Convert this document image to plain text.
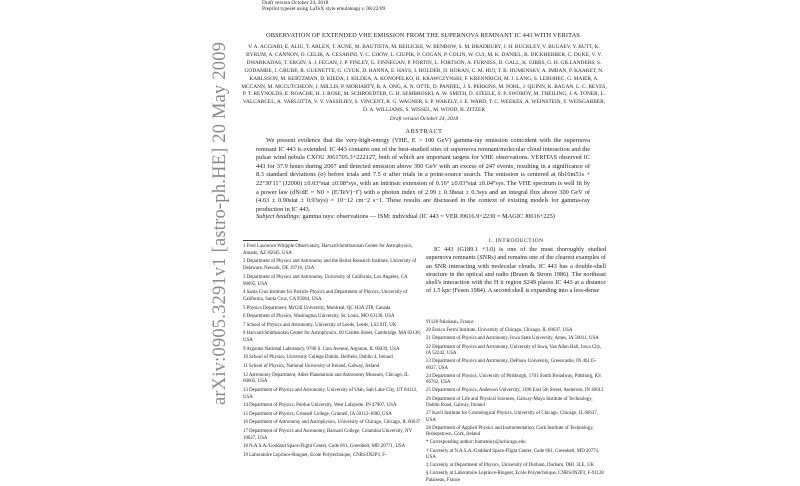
Draft version October 24, 2018
Preprint typeset using LaTeX style emulateapj v. 08/22/09
arXiv:0905.3291v1 [astro-ph.HE] 20 May 2009
OBSERVATION OF EXTENDED VHE EMISSION FROM THE SUPERNOVA REMNANT IC 443 WITH VERITAS
V. A. ACCIARI, E. ALIU, T. ARLEN, T. AUNE, M. BAUTISTA, M. BEILICKE, W. BENBOW, S. M. BRADBURY, J. H. BUCKLEY, V. BUGAEV, Y. BUTT, K. BYRUM, A. CANNON, O. CELIK, A. CESARINI, Y. C. CHOW, L. CIUPIK, P. COGAN, P. COLIN, W. CUI, M. K. DANIEL, R. DICKHERBER, C. DUKE, V. V. DWARKADAS, T. ERGIN, S. J. FEGAN, J. P. FINLEY, G. FINNEGAN, P. FORTIN, L. FORTSON, A. FURNISS, D. GALL, K. GIBBS, G. H. GILLANDERS, S. GODAMBE, J. GRUBE, R. GUENETTE, G. GYUK, D. HANNA, E. HAYS, J. HOLDER, D. HORAN, C. M. HUI, T. B. HUMENSKY, A. IMRAN, P. KAARET, N. KARLSSON, M. KERTZMAN, D. KIEDA, J. KILDEA, A. KONOPELKO, H. KRAWCZYNSKI, F. KRENNRICH, M. J. LANG, S. LEBOHEC, G. MAIER, A. MCCANN, M. MCCUTCHEON, J. MILLIS, P. MORIARTY, R. A. ONG, A. N. OTTE, D. PANDEL, J. S. PERKINS, M. POHL, J. QUINN, K. RAGAN, L. C. REYES, P. T. REYNOLDS, E. ROACHE, H. J. ROSE, M. SCHROEDTER, G. H. SEMBROSKI, A. W. SMITH, D. STEELE, S. P. SWORDY, M. THEILING, J. A. TONER, L. VALCARCEL, A. VARLOTTA, V. V. VASSILIEV, S. VINCENT, R. G. WAGNER, S. P. WAKELY, J. E. WARD, T. C. WEEKES, A. WEINSTEIN, T. WEISGARBER, D. A. WILLIAMS, S. WISSEL, M. WOOD, B. ZITZER
Draft version October 24, 2018
ABSTRACT
We present evidence that the very-high-energy (VHE, E > 100 GeV) gamma-ray emission coincident with the supernova remnant IC 443 is extended. IC 443 contains one of the best-studied sites of supernova remnant/molecular cloud interaction and the pulsar wind nebula CXOU J061705.3+222127, both of which are important targets for VHE observations. VERITAS observed IC 443 for 37.9 hours during 2007 and detected emission above 300 GeV with an excess of 247 events, resulting in a significance of 8.3 standard deviations (σ) before trials and 7.5 σ after trials in a point-source search. The emission is centered at 6h16m51s + 22°30′11″ (J2000) ±0.03°stat ±0.08°sys, with an intrinsic extension of 0.16° ±0.03°stat ±0.04°sys. The VHE spectrum is well fit by a power law (dN/dE = N0 × (E/TeV)−Γ) with a photon index of 2.99 ± 0.38stat ± 0.3sys and an integral flux above 300 GeV of (4.63 ± 0.90stat ± 0.93sys) × 10−12 cm−2 s−1. These results are discussed in the context of existing models for gamma-ray production in IC 443.
Subject headings: gamma rays: observations — ISM: individual (IC 443 = VER J0616.9+2230 = MAGIC J0616+225)

1 Fred Lawrence Whipple Observatory, Harvard-Smithsonian Center for Astrophysics, Amado, AZ 85645, USA

2 Department of Physics and Astronomy and the Bartol Research Institute, University of Delaware, Newark, DE 19716, USA

3 Department of Physics and Astronomy, University of California, Los Angeles, CA 90095, USA

4 Santa Cruz Institute for Particle Physics and Department of Physics, University of California, Santa Cruz, CA 95064, USA

5 Physics Department, McGill University, Montreal, QC H3A 2T8, Canada

6 Department of Physics, Washington University, St. Louis, MO 63130, USA

7 School of Physics and Astronomy, University of Leeds, Leeds, LS2 9JT, UK

8 Harvard-Smithsonian Center for Astrophysics, 60 Garden Street, Cambridge, MA 02138, USA

9 Argonne National Laboratory, 9700 S. Cass Avenue, Argonne, IL 60439, USA

10 School of Physics, University College Dublin, Belfield, Dublin 4, Ireland

11 School of Physics, National University of Ireland, Galway, Ireland

12 Astronomy Department, Adler Planetarium and Astronomy Museum, Chicago, IL 60605, USA

13 Department of Physics and Astronomy, University of Utah, Salt Lake City, UT 84112, USA

14 Department of Physics, Purdue University, West Lafayette, IN 47907, USA

15 Department of Physics, Grinnell College, Grinnell, IA 50112-1690, USA

16 Department of Astronomy and Astrophysics, University of Chicago, Chicago, IL 60637

17 Department of Physics and Astronomy, Barnard College, Columbia University, NY 10027, USA

18 N.A.S.A./Goddard Space-Flight Center, Code 661, Greenbelt, MD 20771, USA

19 Laboratoire Leprince-Ringuet, Ecole Polytechnique, CNRS/IN2P3, F-

1. INTRODUCTION
IC 443 (G189.1 +3.0) is one of the most thoroughly studied supernova remnants (SNRs) and remains one of the clearest examples of an SNR interacting with molecular clouds. IC 443 has a double-shell structure in the optical and radio (Braun & Strom 1986). The northeast shell's interaction with the H ii region S249 places IC 443 at a distance of 1.5 kpc (Fesen 1984). A second shell is expanding into a less-dense

91128 Palaiseau, France

20 Enrico Fermi Institute, University of Chicago, Chicago, IL 60637, USA

21 Department of Physics and Astronomy, Iowa State University, Ames, IA 50011, USA

22 Department of Physics and Astronomy, University of Iowa, Van Allen Hall, Iowa City, IA 52242, USA

23 Department of Physics and Astronomy, DePauw University, Greencastle, IN 46135-0037, USA

24 Department of Physics, University of Pittsburgh, 1701 South Broadway, Pittsburg, KS 66762, USA

25 Department of Physics, Anderson University, 1100 East 5th Street, Anderson, IN 46012

26 Department of Life and Physical Sciences, Galway-Mayo Institute of Technology, Dublin Road, Galway, Ireland

27 Kavli Institute for Cosmological Physics, University of Chicago, Chicago, IL 60637, USA

28 Department of Applied Physics and Instrumentation, Cork Institute of Technology, Bishopstown, Cork, Ireland

* Corresponding author: humensky@uchicago.edu

† Currently at N.A.S.A./Goddard Space-Flight Center, Code 661, Greenbelt, MD 20771, USA

‡ Currently at Department of Physics, University of Durham, Durham, DH1 3LE, UK

§ Currently at Laboratoire Leprince-Ringuet, Ecole Polytechnique, CNRS/IN2P3, F-91128 Palaiseau, France
